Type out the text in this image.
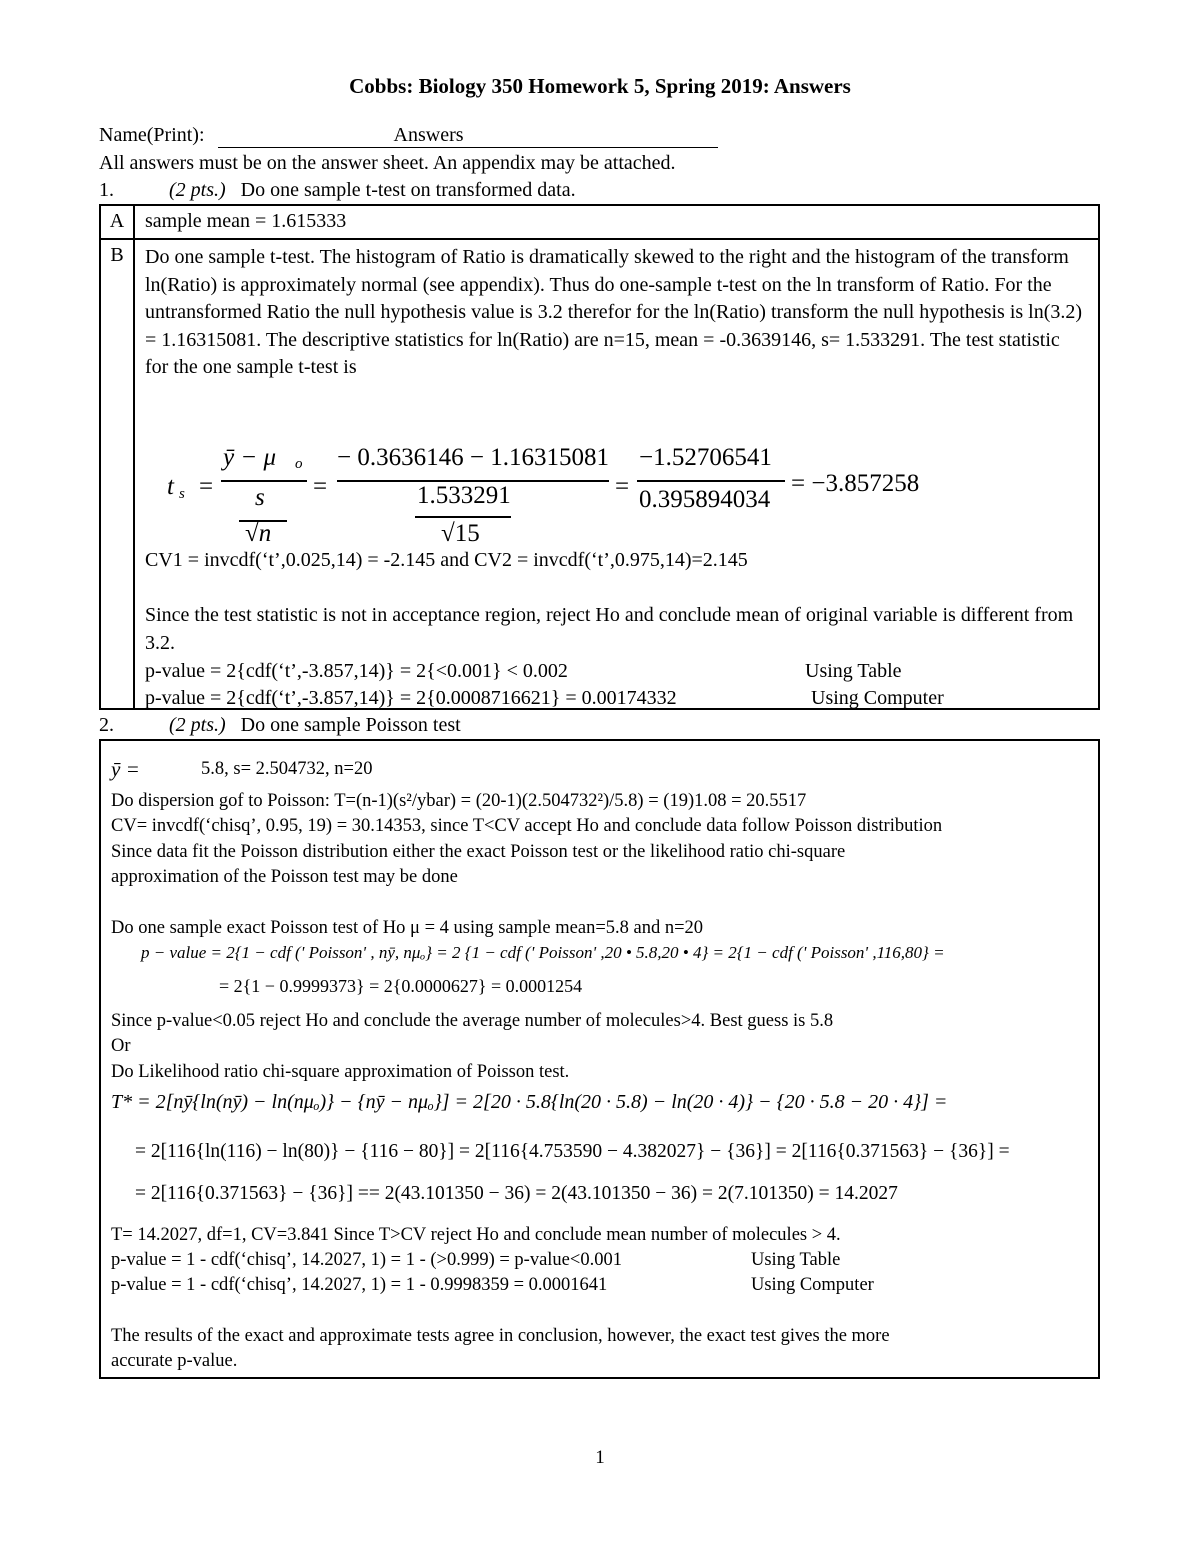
Cobbs: Biology 350 Homework 5, Spring 2019: Answers
Name(Print):	Answers
All answers must be on the answer sheet. An appendix may be attached.
1.	(2 pts.) Do one sample t-test on transformed data.
A	sample mean = 1.615333
B	Do one sample t-test. The histogram of Ratio is dramatically skewed to the right and the histogram of the transform ln(Ratio) is approximately normal (see appendix). Thus do one-sample t-test on the ln transform of Ratio. For the untransformed Ratio the null hypothesis value is 3.2 therefor for the ln(Ratio) transform the null hypothesis is ln(3.2) = 1.16315081. The descriptive statistics for ln(Ratio) are n=15, mean = -0.3639146, s= 1.533291. The test statistic for the one sample t-test is
t s =
ȳ − μ o
s
√n
=
− 0.3636146 − 1.16315081
1.533291
√15
=
−1.52706541
0.395894034
= −3.857258
CV1 = invcdf(‘t’,0.025,14) = -2.145 and CV2 = invcdf(‘t’,0.975,14)=2.145
Since the test statistic is not in acceptance region, reject Ho and conclude mean of original variable is different from 3.2.
p-value = 2{cdf(‘t’,-3.857,14)} = 2{<0.001} < 0.002	Using Table
p-value = 2{cdf(‘t’,-3.857,14)} = 2{0.0008716621} = 0.00174332	Using Computer
2.	(2 pts.) Do one sample Poisson test
ȳ =	5.8, s= 2.504732, n=20
Do dispersion gof to Poisson: T=(n-1)(s²/ybar) = (20-1)(2.504732²)/5.8) = (19)1.08 = 20.5517
CV= invcdf(‘chisq’, 0.95, 19) = 30.14353, since T<CV accept Ho and conclude data follow Poisson distribution
Since data fit the Poisson distribution either the exact Poisson test or the likelihood ratio chi-square
approximation of the Poisson test may be done
Do one sample exact Poisson test of Ho μ = 4 using sample mean=5.8 and n=20
p − value = 2{1 − cdf (' Poisson' , nȳ, nμₒ} = 2 {1 − cdf (' Poisson' ,20 • 5.8,20 • 4} = 2{1 − cdf (' Poisson' ,116,80} =
= 2{1 − 0.9999373} = 2{0.0000627} = 0.0001254
Since p-value<0.05 reject Ho and conclude the average number of molecules>4. Best guess is 5.8
Or
Do Likelihood ratio chi-square approximation of Poisson test.
T* = 2[nȳ{ln(nȳ) − ln(nμₒ)} − {nȳ − nμₒ}] = 2[20 · 5.8{ln(20 · 5.8) − ln(20 · 4)} − {20 · 5.8 − 20 · 4}] =
= 2[116{ln(116) − ln(80)} − {116 − 80}] = 2[116{4.753590 − 4.382027} − {36}] = 2[116{0.371563} − {36}] =
= 2[116{0.371563} − {36}] == 2(43.101350 − 36) = 2(43.101350 − 36) = 2(7.101350) = 14.2027
T= 14.2027, df=1, CV=3.841 Since T>CV reject Ho and conclude mean number of molecules > 4.
p-value = 1 - cdf(‘chisq’, 14.2027, 1) = 1 - (>0.999) = p-value<0.001	Using Table
p-value = 1 - cdf(‘chisq’, 14.2027, 1) = 1 - 0.9998359 = 0.0001641	Using Computer
The results of the exact and approximate tests agree in conclusion, however, the exact test gives the more
accurate p-value.
1
